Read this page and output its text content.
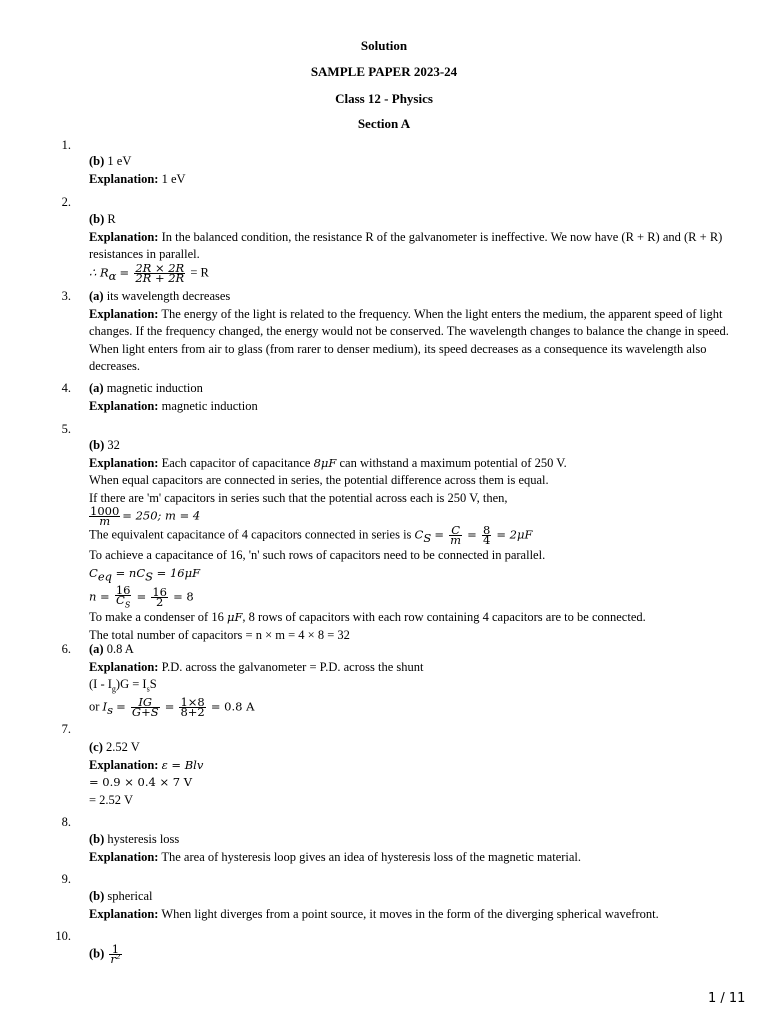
Solution
SAMPLE PAPER 2023-24
Class 12 - Physics
Section A
1.
(b) 1 eV
Explanation: 1 eV
2.
(b) R
Explanation: In the balanced condition, the resistance R of the galvanometer is ineffective. We now have (R + R) and (R + R) resistances in parallel.
∴ $R_\alpha = \frac{2R \times 2R}{2R + 2R} = R$
3. (a) its wavelength decreases
Explanation: The energy of the light is related to the frequency. When the light enters the medium, the apparent speed of light changes. If the frequency changed, the energy would not be conserved. The wavelength changes to balance the change in speed. When light enters from air to glass (from rarer to denser medium), its speed decreases as a consequence its wavelength also decreases.
4. (a) magnetic induction
Explanation: magnetic induction
5.
(b) 32
Explanation: Each capacitor of capacitance 8μF can withstand a maximum potential of 250 V.
When equal capacitors are connected in series, the potential difference across them is equal.
If there are 'm' capacitors in series such that the potential across each is 250 V, then,
$\frac{1000}{m} = 250$; m = 4
The equivalent capacitance of 4 capacitors connected in series is $C_S = \frac{C}{m} = \frac{8}{4} = 2\mu F$
To achieve a capacitance of 16, 'n' such rows of capacitors need to be connected in parallel.
$C_{eq} = nC_S = 16\mu F$
$n = \frac{16}{C_S} = \frac{16}{2} = 8$
To make a condenser of 16 μF, 8 rows of capacitors with each row containing 4 capacitors are to be connected.
The total number of capacitors = n × m = 4 × 8 = 32
6. (a) 0.8 A
Explanation: P.D. across the galvanometer = P.D. across the shunt
$(I - I_g)G = I_sS$
or $I_s = \frac{IG}{G+S} = \frac{1\times 8}{8+2} = 0.8$ A
7.
(c) 2.52 V
Explanation: ε = Blv
= 0.9 × 0.4 × 7 V
= 2.52 V
8.
(b) hysteresis loss
Explanation: The area of hysteresis loop gives an idea of hysteresis loss of the magnetic material.
9.
(b) spherical
Explanation: When light diverges from a point source, it moves in the form of the diverging spherical wavefront.
10.
$(b) \frac{1}{\text{r²}}$
1 / 11
